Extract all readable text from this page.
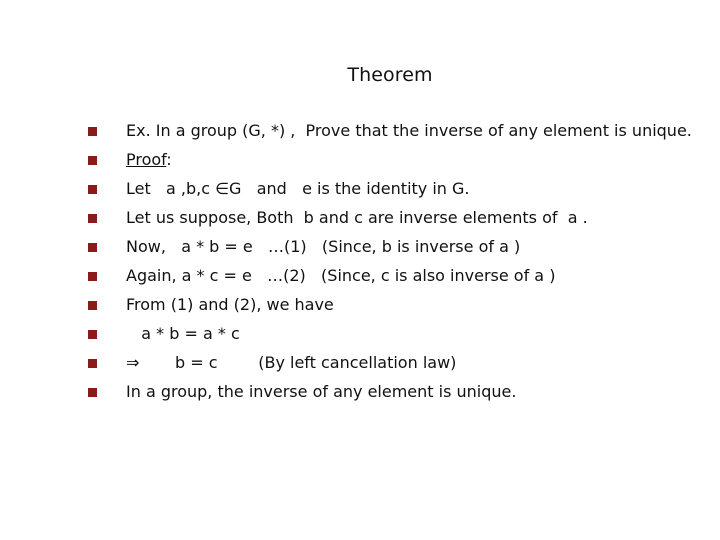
Theorem
Ex. In a group (G, *) ,  Prove that the inverse of any element is unique.
Proof:
Let   a ,b,c ∈G   and   e is the identity in G.
Let us suppose, Both  b and c are inverse elements of  a .
Now,   a * b = e   …(1)   (Since, b is inverse of a )
Again, a * c = e   …(2)   (Since, c is also inverse of a )
From (1) and (2), we have
a * b = a * c
⇒       b = c        (By left cancellation law)
In a group, the inverse of any element is unique.
